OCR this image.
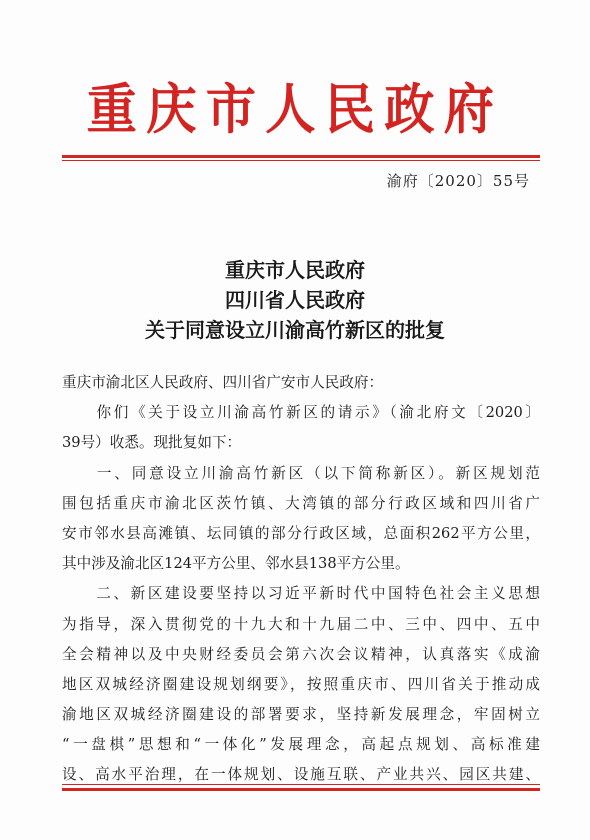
重庆市人民政府
渝府〔2020〕55号
重庆市人民政府
四川省人民政府
关于同意设立川渝高竹新区的批复
重庆市渝北区人民政府、四川省广安市人民政府：
　　你们《关于设立川渝高竹新区的请示》（渝北府文〔2020〕
39号）收悉。现批复如下：
　　一、同意设立川渝高竹新区（以下简称新区）。新区规划范
围包括重庆市渝北区茨竹镇、大湾镇的部分行政区域和四川省广
安市邻水县高滩镇、坛同镇的部分行政区域，总面积262平方公里，
其中涉及渝北区124平方公里、邻水县138平方公里。
　　二、新区建设要坚持以习近平新时代中国特色社会主义思想
为指导，深入贯彻党的十九大和十九届二中、三中、四中、五中
全会精神以及中央财经委员会第六次会议精神，认真落实《成渝
地区双城经济圈建设规划纲要》，按照重庆市、四川省关于推动成
渝地区双城经济圈建设的部署要求，坚持新发展理念，牢固树立
“一盘棋”思想和“一体化”发展理念，高起点规划、高标准建
设、高水平治理，在一体规划、设施互联、产业共兴、园区共建、
